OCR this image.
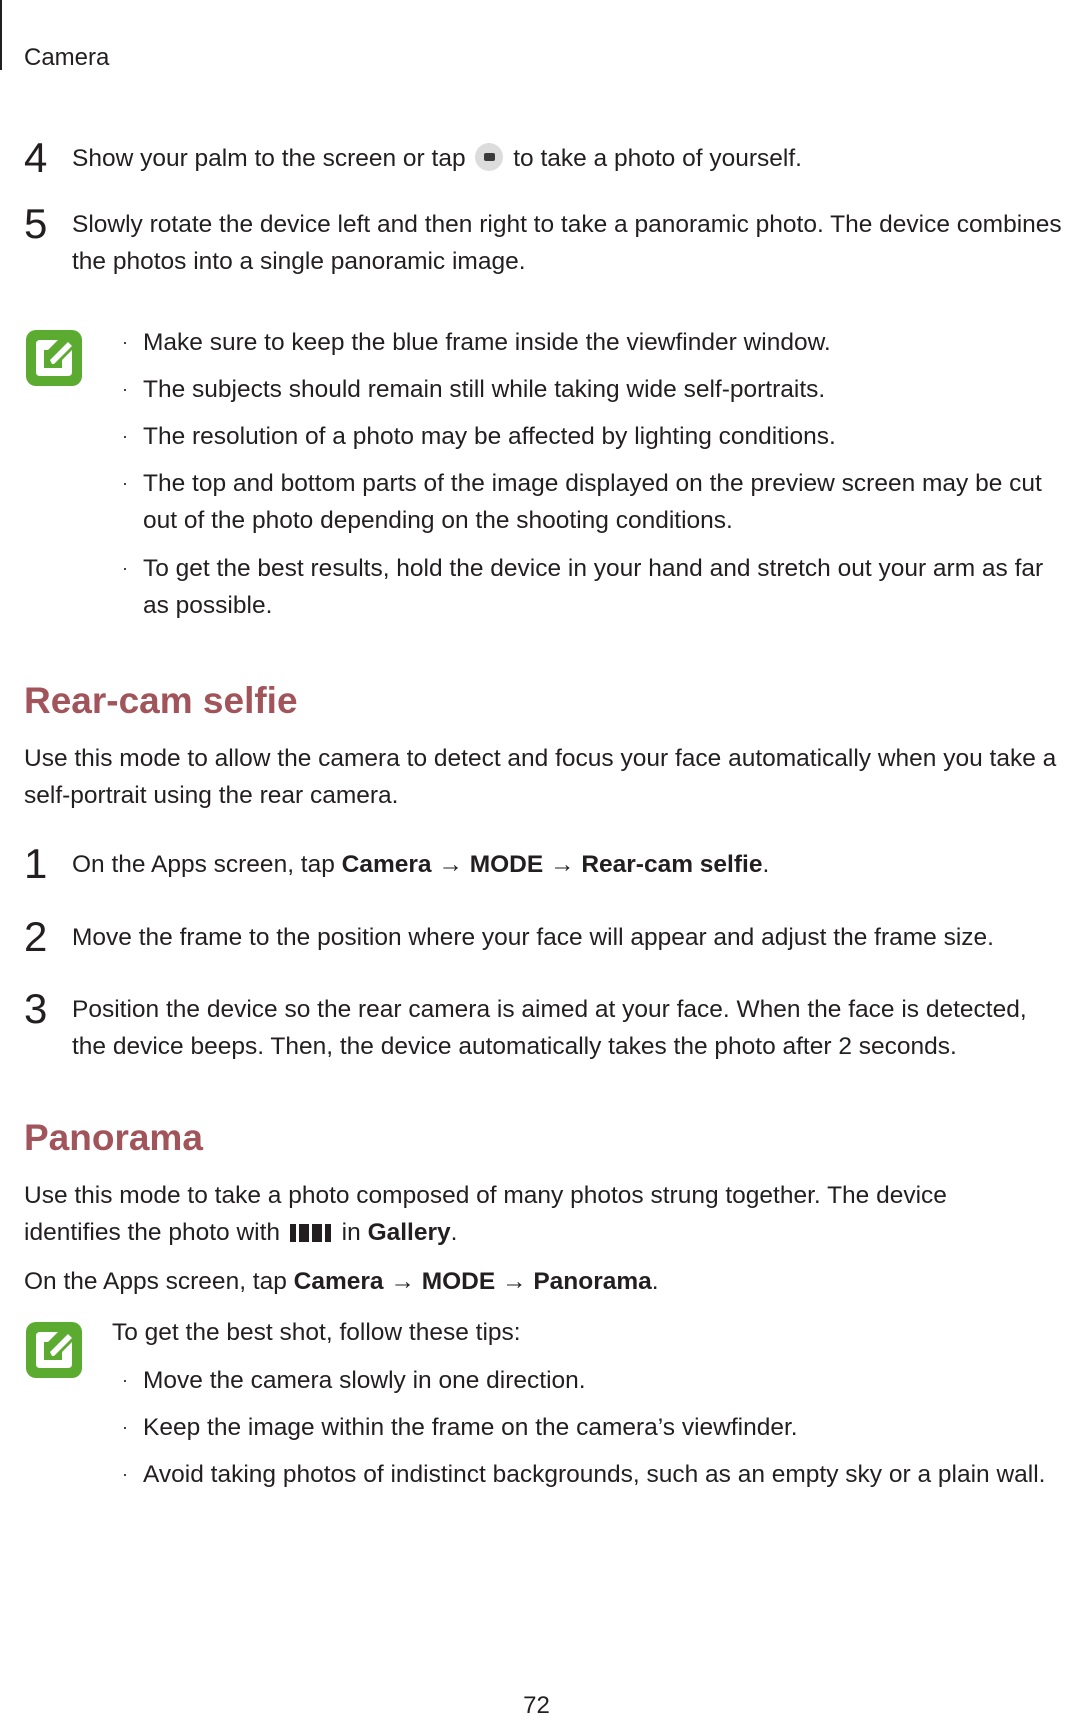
Camera
4 Show your palm to the screen or tap to take a photo of yourself.
5 Slowly rotate the device left and then right to take a panoramic photo. The device combines the photos into a single panoramic image.
· Make sure to keep the blue frame inside the viewfinder window.
· The subjects should remain still while taking wide self-portraits.
· The resolution of a photo may be affected by lighting conditions.
· The top and bottom parts of the image displayed on the preview screen may be cut out of the photo depending on the shooting conditions.
· To get the best results, hold the device in your hand and stretch out your arm as far as possible.
Rear-cam selfie
Use this mode to allow the camera to detect and focus your face automatically when you take a self-portrait using the rear camera.
1 On the Apps screen, tap Camera → MODE → Rear-cam selfie.
2 Move the frame to the position where your face will appear and adjust the frame size.
3 Position the device so the rear camera is aimed at your face. When the face is detected, the device beeps. Then, the device automatically takes the photo after 2 seconds.
Panorama
Use this mode to take a photo composed of many photos strung together. The device identifies the photo with  in Gallery.
On the Apps screen, tap Camera → MODE → Panorama.
To get the best shot, follow these tips:
· Move the camera slowly in one direction.
· Keep the image within the frame on the camera’s viewfinder.
· Avoid taking photos of indistinct backgrounds, such as an empty sky or a plain wall.
72
